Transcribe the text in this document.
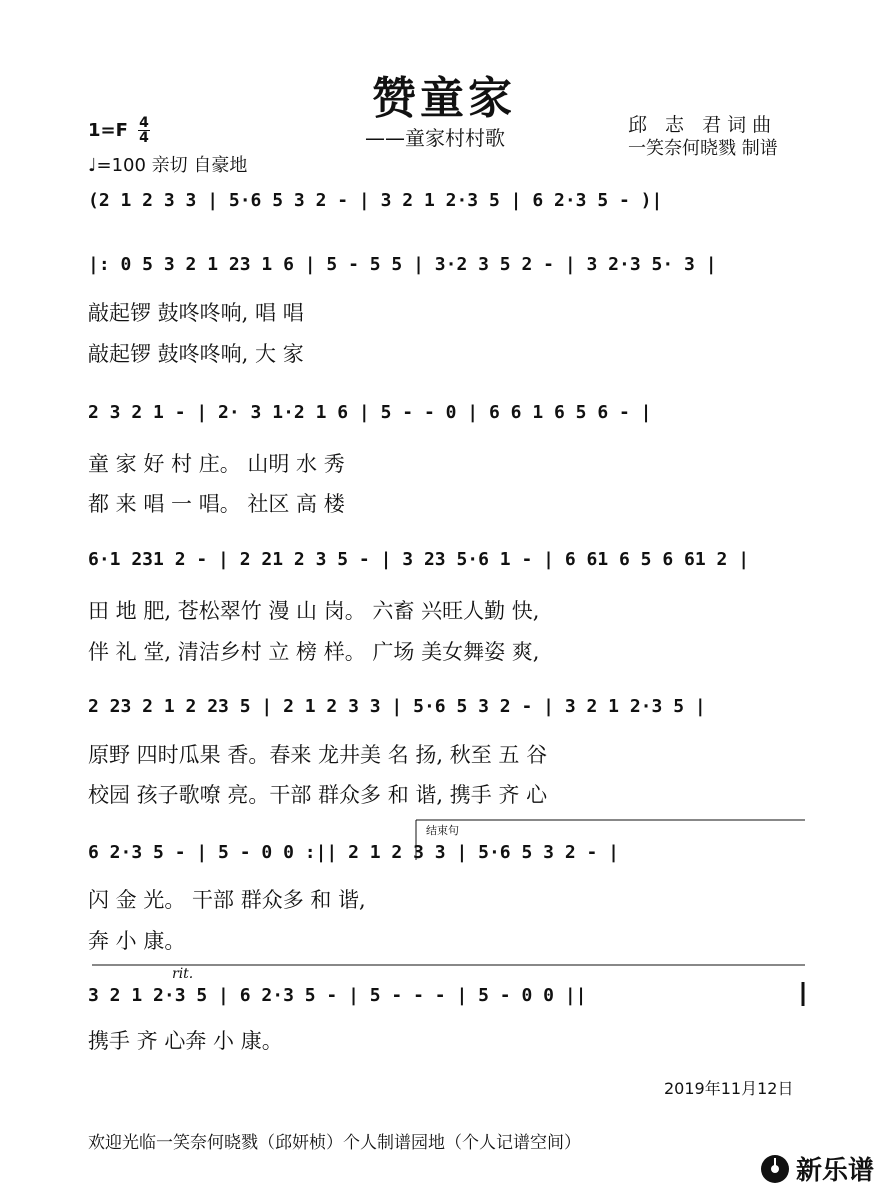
赞童家
——童家村村歌
邱 志 君词曲
一笑奈何晓戮 制谱
1=F 4
4
♩=100 亲切 自豪地
(2 1 2 3 3 | 5·6 5 3 2 - | 3 2 1 2·3 5 | 6 2·3 5 - )|
|: 0 5 3 2 1 23 1 6 | 5 - 5 5 | 3·2 3 5 2 - | 3 2·3 5· 3 |
敲起锣 鼓咚咚响, 唱 唱
敲起锣 鼓咚咚响, 大 家
2 3 2 1 - | 2· 3 1·2 1 6 | 5 - - 0 | 6 6 1 6 5 6 - |
童 家 好 村 庄。 山明 水 秀
都 来 唱 一 唱。 社区 高 楼
6·1 231 2 - | 2 21 2 3 5 - | 3 23 5·6 1 - | 6 61 6 5 6 61 2 |
田 地 肥, 苍松翠竹 漫 山 岗。 六畜 兴旺人勤 快,
伴 礼 堂, 清洁乡村 立 榜 样。 广场 美女舞姿 爽,
2 23 2 1 2 23 5 | 2 1 2 3 3 | 5·6 5 3 2 - | 3 2 1 2·3 5 |
原野 四时瓜果 香。春来 龙井美 名 扬, 秋至 五 谷
校园 孩子歌嘹 亮。干部 群众多 和 谐, 携手 齐 心
结束句
6 2·3 5 - | 5 - 0 0 :|| 2 1 2 3 3 | 5·6 5 3 2 - |
闪 金 光。 干部 群众多 和 谐,
奔 小 康。
rit.
3 2 1 2·3 5 | 6 2·3 5 - | 5 - - - | 5 - 0 0 ||
携手 齐 心奔 小 康。
2019年11月12日
欢迎光临一笑奈何晓戮（邱妍桢）个人制谱园地（个人记谱空间）
新乐谱
